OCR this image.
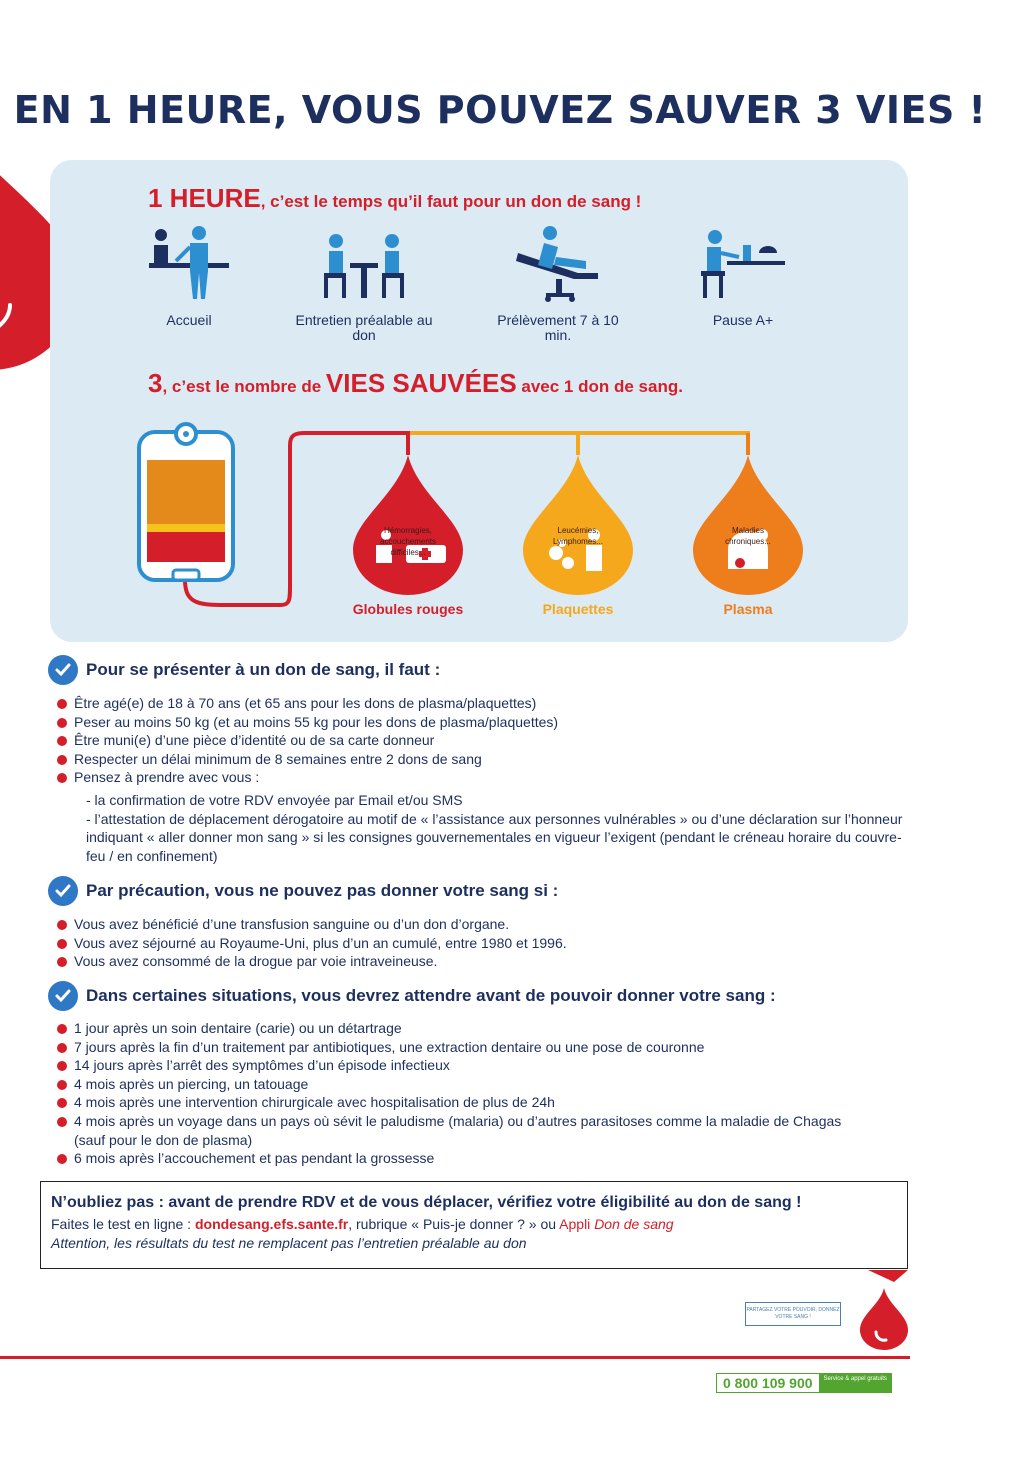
EN 1 HEURE, VOUS POUVEZ SAUVER 3 VIES !
1 HEURE, c’est le temps qu’il faut pour un don de sang !
Accueil	Entretien préalable au don
Prélèvement 7 à 10 min.
Pause A+
3, c’est le nombre de VIES SAUVÉES avec 1 don de sang.
Hémorragies, accouchements difficiles...
Globules rouges
Leucémies, Lymphomes...
Plaquettes
Maladies chroniques...
Plasma
Pour se présenter à un don de sang, il faut :
Être agé(e) de 18 à 70 ans (et 65 ans pour les dons de plasma/plaquettes)
Peser au moins 50 kg (et au moins 55 kg pour les dons de plasma/plaquettes)
Être muni(e) d’une pièce d’identité ou de sa carte donneur
Respecter un délai minimum de 8 semaines entre 2 dons de sang
Pensez à prendre avec vous :
- la confirmation de votre RDV envoyée par Email et/ou SMS
- l’attestation de déplacement dérogatoire au motif de « l’assistance aux personnes vulnérables » ou d’une déclaration sur l’honneur indiquant « aller donner mon sang » si les consignes gouvernementales en vigueur l’exigent (pendant le créneau horaire du couvre-feu / en confinement)
Par précaution, vous ne pouvez pas donner votre sang si :
Vous avez bénéficié d’une transfusion sanguine ou d’un don d’organe.
Vous avez séjourné au Royaume-Uni, plus d’un an cumulé, entre 1980 et 1996.
Vous avez consommé de la drogue par voie intraveineuse.
Dans certaines situations, vous devrez attendre avant de pouvoir donner votre sang :
1 jour après un soin dentaire (carie) ou un détartrage
7 jours après la fin d’un traitement par antibiotiques, une extraction dentaire ou une pose de couronne
14 jours après l’arrêt des symptômes d’un épisode infectieux
4 mois après un piercing, un tatouage
4 mois après une intervention chirurgicale avec hospitalisation de plus de 24h
4 mois après un voyage dans un pays où sévit le paludisme (malaria) ou d’autres parasitoses comme la maladie de Chagas (sauf pour le don de plasma)
6 mois après l’accouchement et pas pendant la grossesse
N’oubliez pas : avant de prendre RDV et de vous déplacer, vérifiez votre éligibilité au don de sang !
Faites le test en ligne : dondesang.efs.sante.fr, rubrique « Puis-je donner ? » ou Appli Don de sang
Attention, les résultats du test ne remplacent pas l’entretien préalable au don
PARTAGEZ VOTRE POUVOIR, DONNEZ VOTRE SANG !
0 800 109 900	Service & appel gratuits
